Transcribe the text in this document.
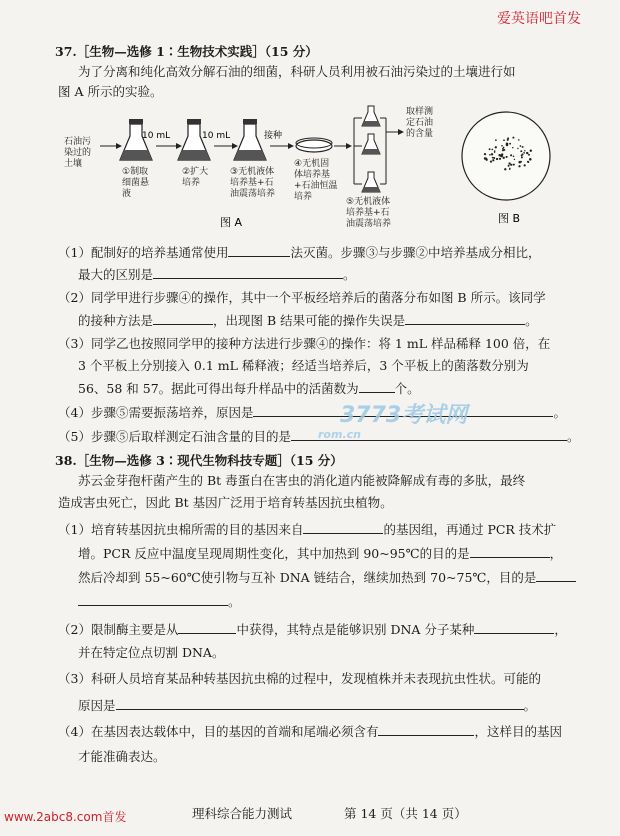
爱英语吧首发
37.［生物—选修 1∶生物技术实践］（15 分）
为了分离和纯化高效分解石油的细菌，科研人员利用被石油污染过的土壤进行如
图 A 所示的实验。
石油污
染过的
土壤
10 mL	10 mL	接种
取样测
定石油
的含量
①制取
细菌悬
液
②扩大
培养
③无机液体
培养基+石
油震荡培养
④无机固
体培养基
+石油恒温
培养	⑤无机液体
培养基+石
油震荡培养
图 A	图 B
（1）配制好的培养基通常使用	法灭菌。步骤③与步骤②中培养基成分相比，
最大的区别是	。
（2）同学甲进行步骤④的操作，其中一个平板经培养后的菌落分布如图 B 所示。该同学
的接种方法是	，出现图 B 结果可能的操作失误是	。
（3）同学乙也按照同学甲的接种方法进行步骤④的操作：将 1 mL 样品稀释 100 倍，在
3 个平板上分别接入 0.1 mL 稀释液；经适当培养后，3 个平板上的菌落数分别为
56、58 和 57。据此可得出每升样品中的活菌数为	个。
（4）步骤⑤需要振荡培养，原因是	。
（5）步骤⑤后取样测定石油含量的目的是	。
3773考试网
rom.cn
38.［生物—选修 3∶现代生物科技专题］（15 分）
苏云金芽孢杆菌产生的 Bt 毒蛋白在害虫的消化道内能被降解成有毒的多肽，最终
造成害虫死亡，因此 Bt 基因广泛用于培育转基因抗虫植物。
（1）培育转基因抗虫棉所需的目的基因来自	的基因组，再通过 PCR 技术扩
增。PCR 反应中温度呈现周期性变化，其中加热到 90~95℃的目的是	，
然后冷却到 55~60℃使引物与互补 DNA 链结合，继续加热到 70~75℃，目的是
。
（2）限制酶主要是从	中获得，其特点是能够识别 DNA 分子某种	，
并在特定位点切割 DNA。
（3）科研人员培育某品种转基因抗虫棉的过程中，发现植株并未表现抗虫性状。可能的
原因是	。
（4）在基因表达载体中，目的基因的首端和尾端必须含有	，这样目的基因
才能准确表达。
www.2abc8.com首发	理科综合能力测试	第 14 页（共 14 页）
